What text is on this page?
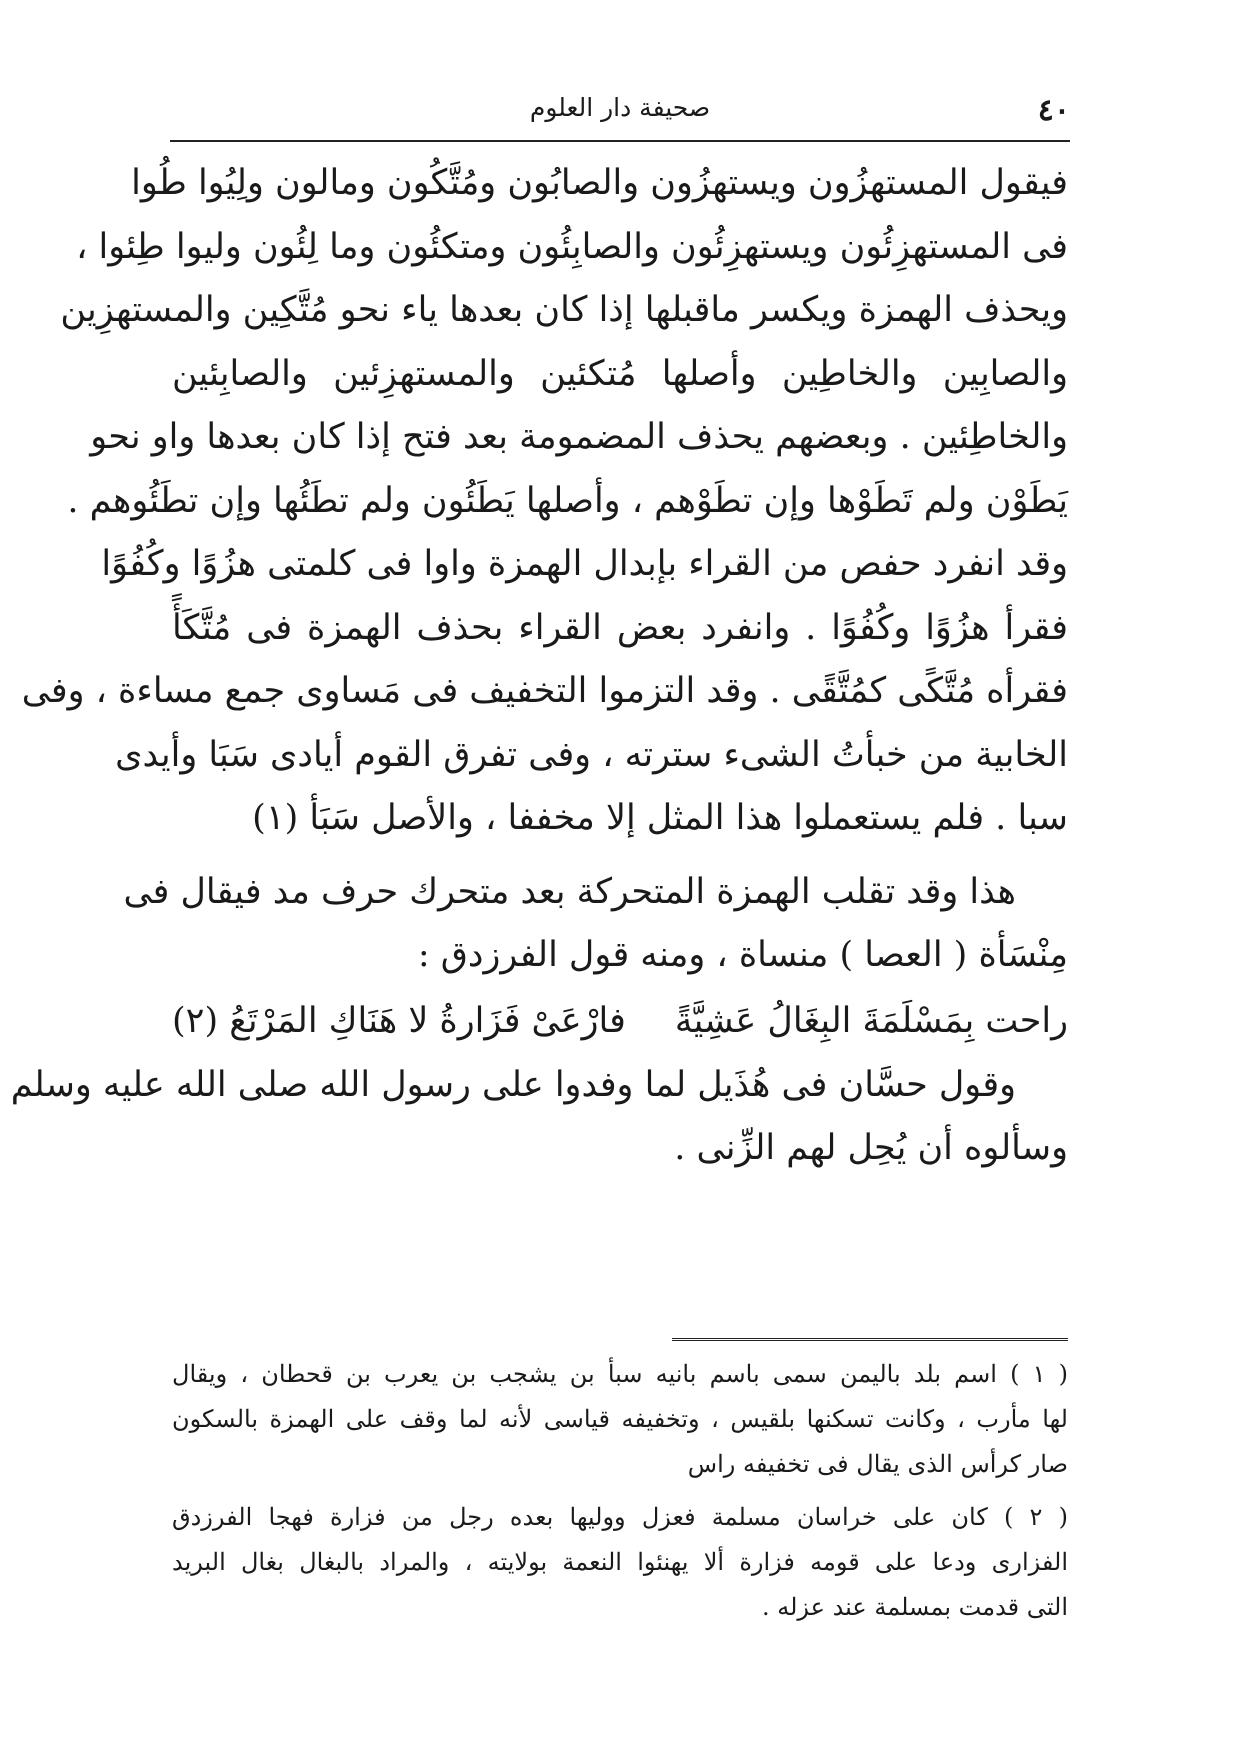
٤٠
صحيفة دار العلوم
فيقول المستهزُون ويستهزُون والصابُون ومُتَّكُون ومالون ولِيُوا طُوا
فى المستهزِئُون ويستهزِئُون والصابِئُون ومتكئُون وما لِئُون وليوا طِئوا ،
ويحذف الهمزة ويكسر ماقبلها إذا كان بعدها ياء نحو مُتَّكِين والمستهزِين
والصابِين والخاطِين وأصلها مُتكئين والمستهزِئين والصابِئين
والخاطِئين . وبعضهم يحذف المضمومة بعد فتح إذا كان بعدها واو نحو
يَطَوْن ولم تَطَوْها وإن تطَوْهم ، وأصلها يَطَئُون ولم تطَئُها وإن تطَئُوهم .
وقد انفرد حفص من القراء بإبدال الهمزة واوا فى كلمتى هزُوًا وكُفُوًا
فقرأ هزُوًا وكُفُوًا . وانفرد بعض القراء بحذف الهمزة فى مُتَّكَأً
فقرأه مُتَّكًى كمُتَّقًى . وقد التزموا التخفيف فى مَساوى جمع مساءة ، وفى
الخابية من خبأتُ الشىء سترته ، وفى تفرق القوم أيادى سَبَا وأيدى
سبا . فلم يستعملوا هذا المثل إلا مخففا ، والأصل سَبَأ (١)
هذا وقد تقلب الهمزة المتحركة بعد متحرك حرف مد فيقال فى
مِنْسَأة ( العصا ) منساة ، ومنه قول الفرزدق :
راحت بِمَسْلَمَةَ البِغَالُ عَشِيَّةً
فارْعَىْ فَزَارةُ لا هَنَاكِ المَرْتَعُ (٢)
وقول حسَّان فى هُذَيل لما وفدوا على رسول الله صلى الله عليه وسلم
وسألوه أن يُحِل لهم الزِّنى .
( ١ ) اسم بلد باليمن سمى باسم بانيه سبأ بن يشجب بن يعرب بن قحطان ، ويقال
لها مأرب ، وكانت تسكنها بلقيس ، وتخفيفه قياسى لأنه لما وقف على الهمزة بالسكون
صار كرأس الذى يقال فى تخفيفه راس
( ٢ ) كان على خراسان مسلمة فعزل ووليها بعده رجل من فزارة فهجا الفرزدق
الفزارى ودعا على قومه فزارة ألا يهنئوا النعمة بولايته ، والمراد بالبغال بغال البريد
التى قدمت بمسلمة عند عزله .
